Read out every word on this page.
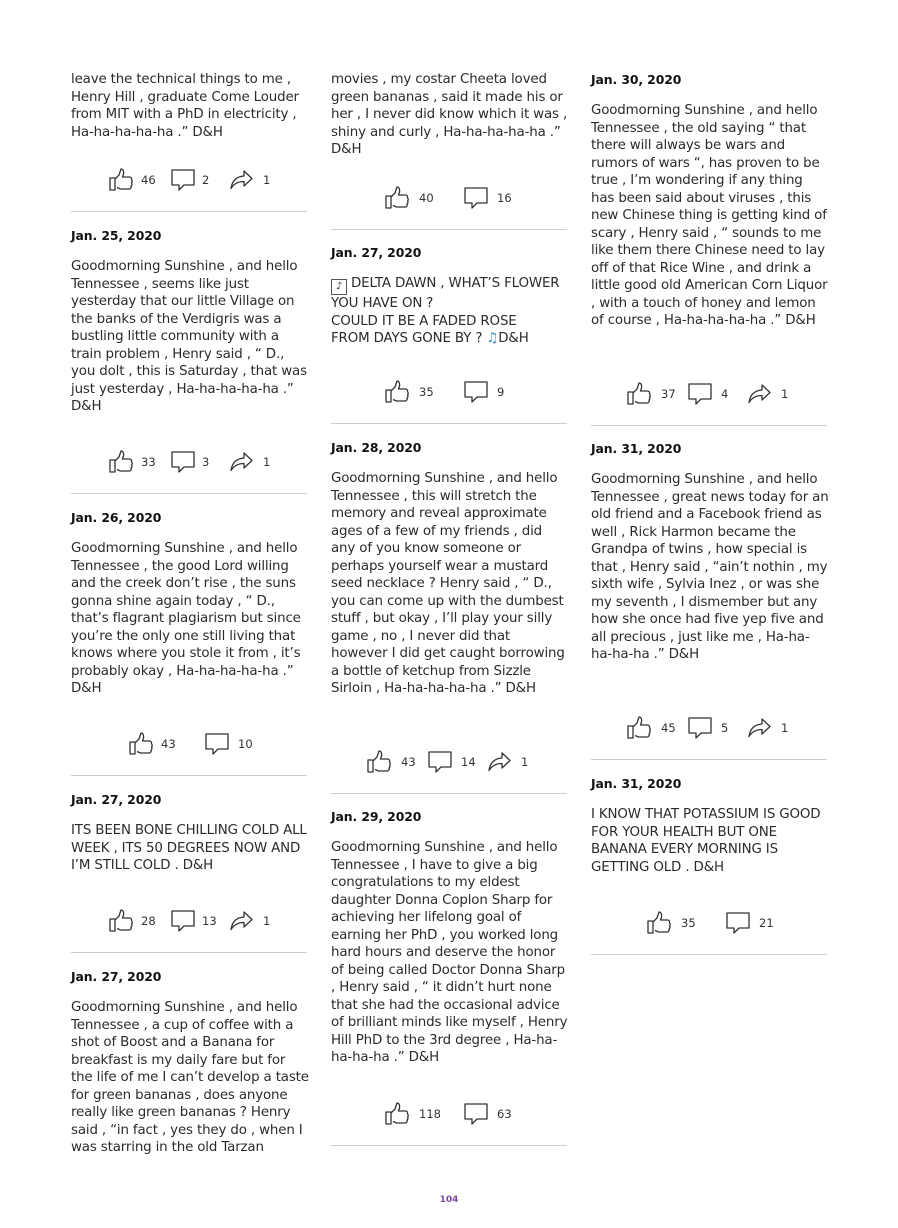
leave the technical things to me , Henry Hill , graduate Come Louder from MIT with a PhD in electricity , Ha-ha-ha-ha-ha .” D&H
46	2	1
Jan. 25, 2020
Goodmorning Sunshine , and hello Tennessee , seems like just yesterday that our little Village on the banks of the Verdigris was a bustling little community with a train problem , Henry said , “ D., you dolt , this is Saturday , that was just yesterday , Ha-ha-ha-ha-ha .” D&H
33	3	1
Jan. 26, 2020
Goodmorning Sunshine , and hello Tennessee , the good Lord willing and the creek don’t rise , the suns gonna shine again today , “ D., that’s flagrant plagiarism but since you’re the only one still living that knows where you stole it from , it’s probably okay , Ha-ha-ha-ha-ha .” D&H
43	10
Jan. 27, 2020
ITS BEEN BONE CHILLING COLD ALL WEEK , ITS 50 DEGREES NOW AND I’M STILL COLD . D&H
28	13	1
Jan. 27, 2020
Goodmorning Sunshine , and hello Tennessee , a cup of coffee with a shot of Boost and a Banana for breakfast is my daily fare but for the life of me I can’t develop a taste for green bananas , does anyone really like green bananas ? Henry said , “in fact , yes they do , when I was starring in the old Tarzan
movies , my costar Cheeta loved green bananas , said it made his or her , I never did know which it was , shiny and curly , Ha-ha-ha-ha-ha .” D&H
40	16
Jan. 27, 2020
♪ DELTA DAWN , WHAT’S FLOWER
YOU HAVE ON ?
COULD IT BE A FADED ROSE
FROM DAYS GONE BY ? ♫D&H
35	9
Jan. 28, 2020
Goodmorning Sunshine , and hello Tennessee , this will stretch the memory and reveal approximate ages of a few of my friends , did any of you know someone or perhaps yourself wear a mustard seed necklace ? Henry said , “ D., you can come up with the dumbest stuff , but okay , I’ll play your silly game , no , I never did that however I did get caught borrowing a bottle of ketchup from Sizzle Sirloin , Ha-ha-ha-ha-ha .” D&H
43	14	1
Jan. 29, 2020
Goodmorning Sunshine , and hello Tennessee , I have to give a big congratulations to my eldest daughter Donna Coplon Sharp for achieving her lifelong goal of earning her PhD , you worked long hard hours and deserve the honor of being called Doctor Donna Sharp , Henry said , “ it didn’t hurt none that she had the occasional advice of brilliant minds like myself , Henry Hill PhD to the 3rd degree , Ha-ha-ha-ha-ha .” D&H
118	63
Jan. 30, 2020
Goodmorning Sunshine , and hello Tennessee , the old saying “ that there will always be wars and rumors of wars “, has proven to be true , I’m wondering if any thing has been said about viruses , this new Chinese thing is getting kind of scary , Henry said , “ sounds to me like them there Chinese need to lay off of that Rice Wine , and drink a little good old American Corn Liquor , with a touch of honey and lemon of course , Ha-ha-ha-ha-ha .” D&H
37	4	1
Jan. 31, 2020
Goodmorning Sunshine , and hello Tennessee , great news today for an old friend and a Facebook friend as well , Rick Harmon became the Grandpa of twins , how special is that , Henry said , “ain’t nothin , my sixth wife , Sylvia Inez , or was she my seventh , I dismember but any how she once had five yep five and all precious , just like me , Ha-ha-ha-ha-ha .” D&H
45	5	1
Jan. 31, 2020
I KNOW THAT POTASSIUM IS GOOD FOR YOUR HEALTH BUT ONE BANANA EVERY MORNING IS GETTING OLD . D&H
35	21
104
